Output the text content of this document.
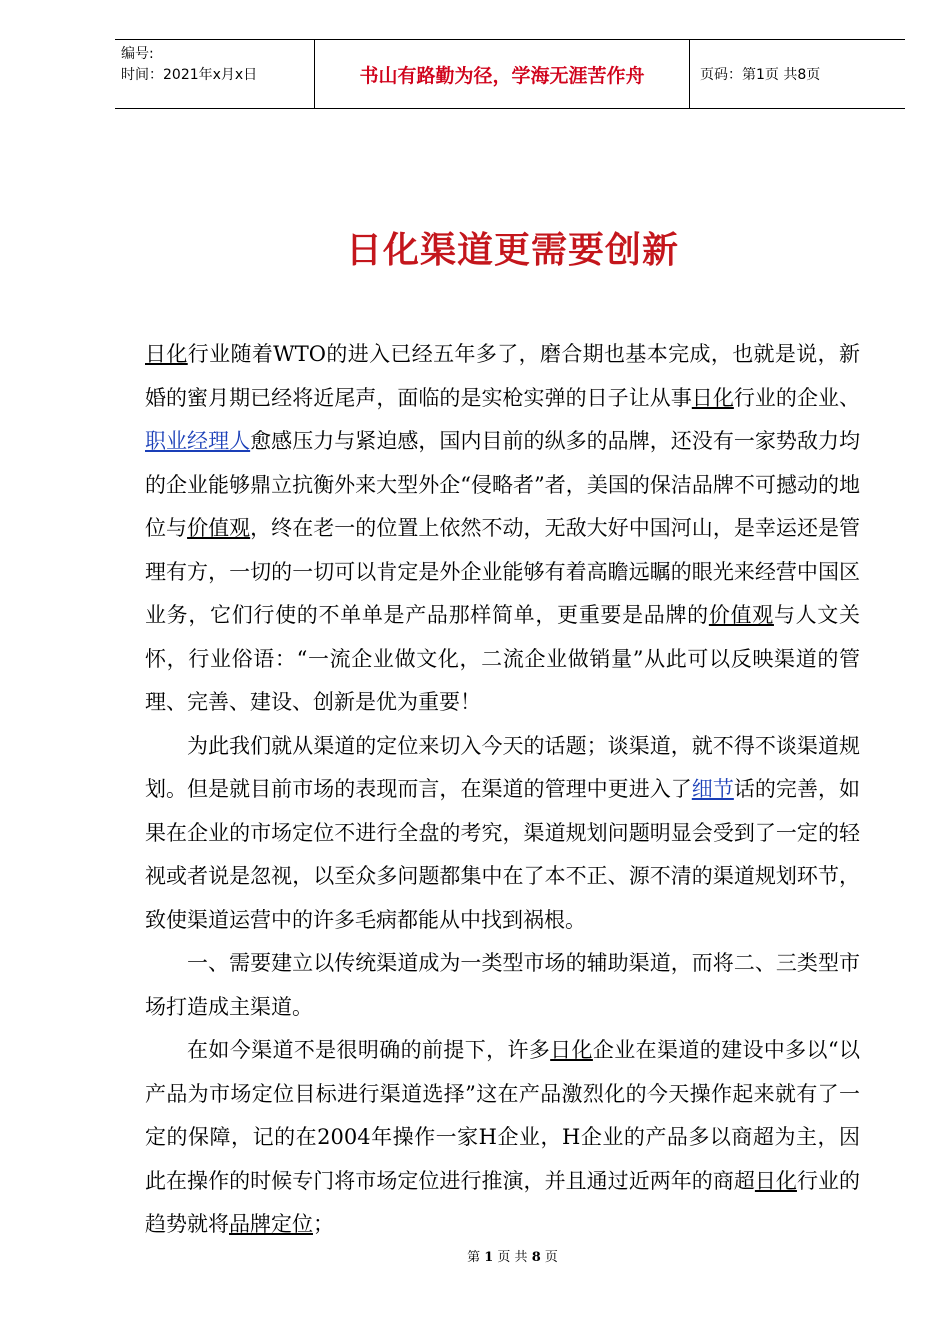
编号:
时间：2021年x月x日	书山有路勤为径，学海无涯苦作舟	页码：第1页 共8页
日化渠道更需要创新

日化行业随着WTO的进入已经五年多了，磨合期也基本完成，也就是说，新婚的蜜月期已经将近尾声，面临的是实枪实弹的日子让从事日化行业的企业、职业经理人愈感压力与紧迫感，国内目前的纵多的品牌，还没有一家势敌力均的企业能够鼎立抗衡外来大型外企“侵略者”者，美国的保洁品牌不可撼动的地位与价值观，终在老一的位置上依然不动，无敌大好中国河山，是幸运还是管理有方，一切的一切可以肯定是外企业能够有着高瞻远瞩的眼光来经营中国区业务，它们行使的不单单是产品那样简单，更重要是品牌的价值观与人文关怀，行业俗语：“一流企业做文化，二流企业做销量”从此可以反映渠道的管理、完善、建设、创新是优为重要！

为此我们就从渠道的定位来切入今天的话题；谈渠道，就不得不谈渠道规划。但是就目前市场的表现而言，在渠道的管理中更进入了细节话的完善，如果在企业的市场定位不进行全盘的考究，渠道规划问题明显会受到了一定的轻视或者说是忽视，以至众多问题都集中在了本不正、源不清的渠道规划环节，致使渠道运营中的许多毛病都能从中找到祸根。

一、需要建立以传统渠道成为一类型市场的辅助渠道，而将二、三类型市场打造成主渠道。

在如今渠道不是很明确的前提下，许多日化企业在渠道的建设中多以“以产品为市场定位目标进行渠道选择”这在产品激烈化的今天操作起来就有了一定的保障，记的在2004年操作一家H企业，H企业的产品多以商超为主，因此在操作的时候专门将市场定位进行推演，并且通过近两年的商超日化行业的趋势就将品牌定位；

第 1 页 共 8 页
